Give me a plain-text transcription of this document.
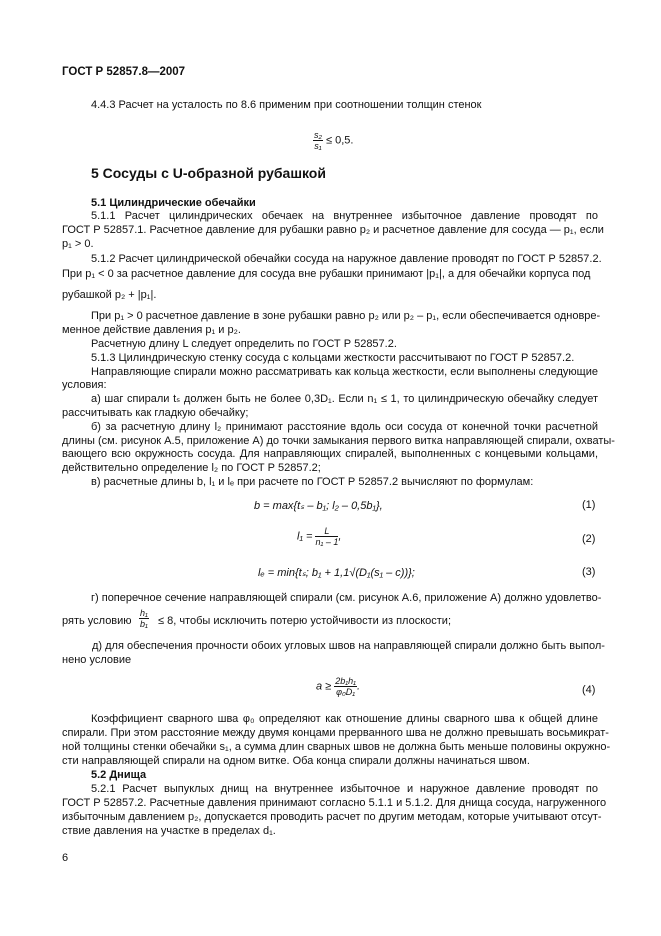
ГОСТ Р 52857.8—2007
4.4.3 Расчет на усталость по 8.6 применим при соотношении толщин стенок
$\frac{\text{s₂}}{\text{s₁}} \le 0,5$.
5 Сосуды с U-образной рубашкой
5.1 Цилиндрические обечайки
5.1.1 Расчет цилиндрических обечаек на внутреннее избыточное давление проводят по
ГОСТ Р 52857.1. Расчетное давление для рубашки равно p₂ и расчетное давление для сосуда — p₁, если
p₁ > 0.
5.1.2 Расчет цилиндрической обечайки сосуда на наружное давление проводят по ГОСТ Р 52857.2.
При p₁ < 0 за расчетное давление для сосуда вне рубашки принимают |p₁|, а для обечайки корпуса под
рубашкой p₂ + |p₁|.
При p₁ > 0 расчетное давление в зоне рубашки равно p₂ или p₂ – p₁, если обеспечивается одновре-
менное действие давления p₁ и p₂.
Расчетную длину L следует определить по ГОСТ Р 52857.2.
5.1.3 Цилиндрическую стенку сосуда с кольцами жесткости рассчитывают по ГОСТ Р 52857.2.
Направляющие спирали можно рассматривать как кольца жесткости, если выполнены следующие
условия:
а) шаг спирали tₛ должен быть не более 0,3D₁. Если n₁ ≤ 1, то цилиндрическую обечайку следует
рассчитывать как гладкую обечайку;
б) за расчетную длину l₂ принимают расстояние вдоль оси сосуда от конечной точки расчетной
длины (см. рисунок А.5, приложение А) до точки замыкания первого витка направляющей спирали, охваты-
вающего всю окружность сосуда. Для направляющих спиралей, выполненных с концевыми кольцами,
действительно определение l₂ по ГОСТ Р 52857.2;
в) расчетные длины b, l₁ и lₑ при расчете по ГОСТ Р 52857.2 вычисляют по формулам:
b = max{tₛ – b₁; l₂ – 0,5b₁},	(1)
$l_1 = \frac{L}{\text{n₁ – 1}}$ ,	(2)
lₑ = min{tₛ; b₁ + 1,1√(D₁(s₁ – c))};	(3)
г) поперечное сечение направляющей спирали (см. рисунок А.6, приложение А) должно удовлетво-
рять условию $\frac{\text{h₁}}{\text{b₁}} \le 8$, чтобы исключить потерю устойчивости из плоскости;
д) для обеспечения прочности обоих угловых швов на направляющей спирали должно быть выпол-
нено условие
$a \ge \frac{\text{2b₁h₁}}{\text{φ₀D₁}}$ .	(4)
Коэффициент сварного шва φ₀ определяют как отношение длины сварного шва к общей длине
спирали. При этом расстояние между двумя концами прерванного шва не должно превышать восьмикрат-
ной толщины стенки обечайки s₁, а сумма длин сварных швов не должна быть меньше половины окружно-
сти направляющей спирали на одном витке. Оба конца спирали должны начинаться швом.
5.2 Днища
5.2.1 Расчет выпуклых днищ на внутреннее избыточное и наружное давление проводят по
ГОСТ Р 52857.2. Расчетные давления принимают согласно 5.1.1 и 5.1.2. Для днища сосуда, нагруженного
избыточным давлением p₂, допускается проводить расчет по другим методам, которые учитывают отсут-
ствие давления на участке в пределах d₁.
6
